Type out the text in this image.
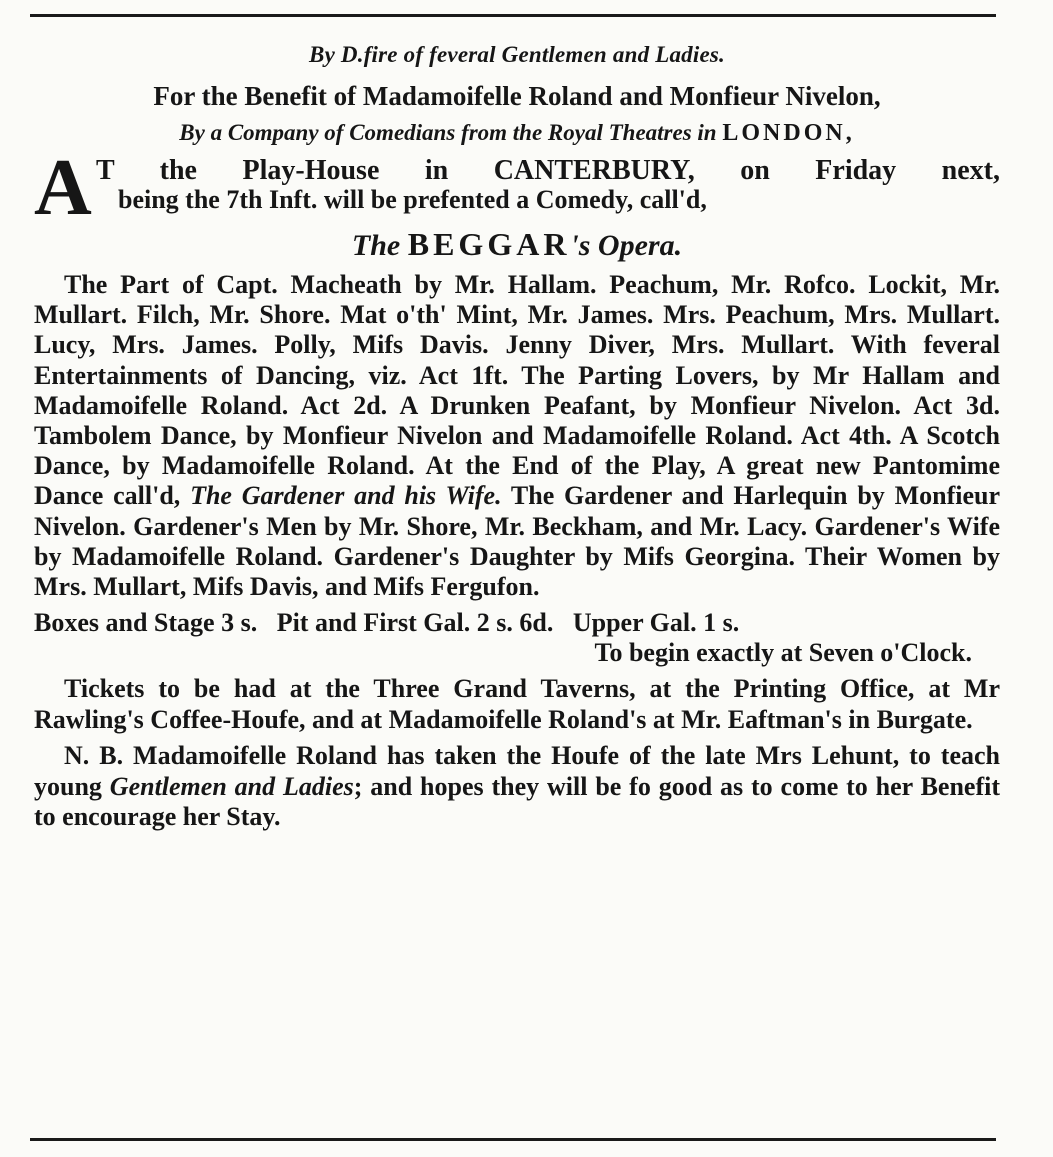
By D.fire of feveral Gentlemen and Ladies.
For the Benefit of Madamoifelle Roland and Monfieur Nivelon,
By a Company of Comedians from the Royal Theatres in LONDON,
A T the Play-House in CANTERBURY, on Friday next,
being the 7th Inft. will be prefented a Comedy, call'd,
The BEGGAR's Opera.
The Part of Capt. Macheath by Mr. Hallam. Peachum, Mr. Rofco. Lockit, Mr. Mullart. Filch, Mr. Shore. Mat o'th' Mint, Mr. James. Mrs. Peachum, Mrs. Mullart. Lucy, Mrs. James. Polly, Mifs Davis. Jenny Diver, Mrs. Mullart. With feveral Entertainments of Dancing, viz. Act 1ft. The Parting Lovers, by Mr Hallam and Madamoifelle Roland. Act 2d. A Drunken Peafant, by Monfieur Nivelon. Act 3d. Tambolem Dance, by Monfieur Nivelon and Madamoifelle Roland. Act 4th. A Scotch Dance, by Madamoifelle Roland. At the End of the Play, A great new Pantomime Dance call'd, The Gardener and his Wife. The Gardener and Harlequin by Monfieur Nivelon. Gardener's Men by Mr. Shore, Mr. Beckham, and Mr. Lacy. Gardener's Wife by Madamoifelle Roland. Gardener's Daughter by Mifs Georgina. Their Women by Mrs. Mullart, Mifs Davis, and Mifs Fergufon.
Boxes and Stage 3 s.   Pit and First Gal. 2 s. 6d.   Upper Gal. 1 s.
To begin exactly at Seven o'Clock.
Tickets to be had at the Three Grand Taverns, at the Printing Office, at Mr Rawling's Coffee-Houfe, and at Madamoifelle Roland's at Mr. Eaftman's in Burgate.
N. B. Madamoifelle Roland has taken the Houfe of the late Mrs Lehunt, to teach young Gentlemen and Ladies; and hopes they will be fo good as to come to her Benefit to encourage her Stay.
